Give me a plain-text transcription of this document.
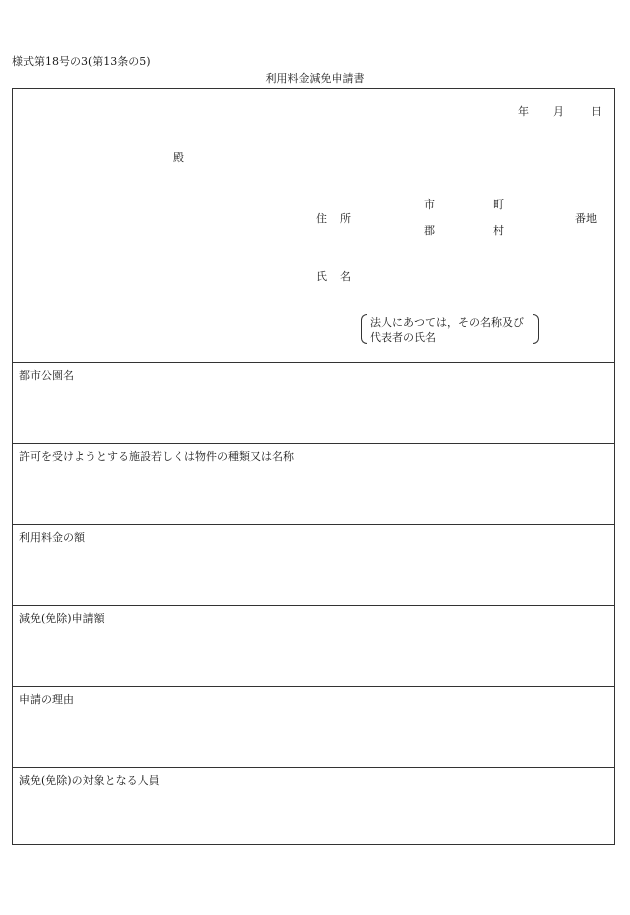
様式第18号の3(第13条の5)
利用料金減免申請書
年 月 日
殿
住 所
市
郡
町
村
番地
氏 名
法人にあつては，その名称及び
代表者の氏名
都市公園名
許可を受けようとする施設若しくは物件の種類又は名称
利用料金の額
減免(免除)申請額
申請の理由
減免(免除)の対象となる人員
